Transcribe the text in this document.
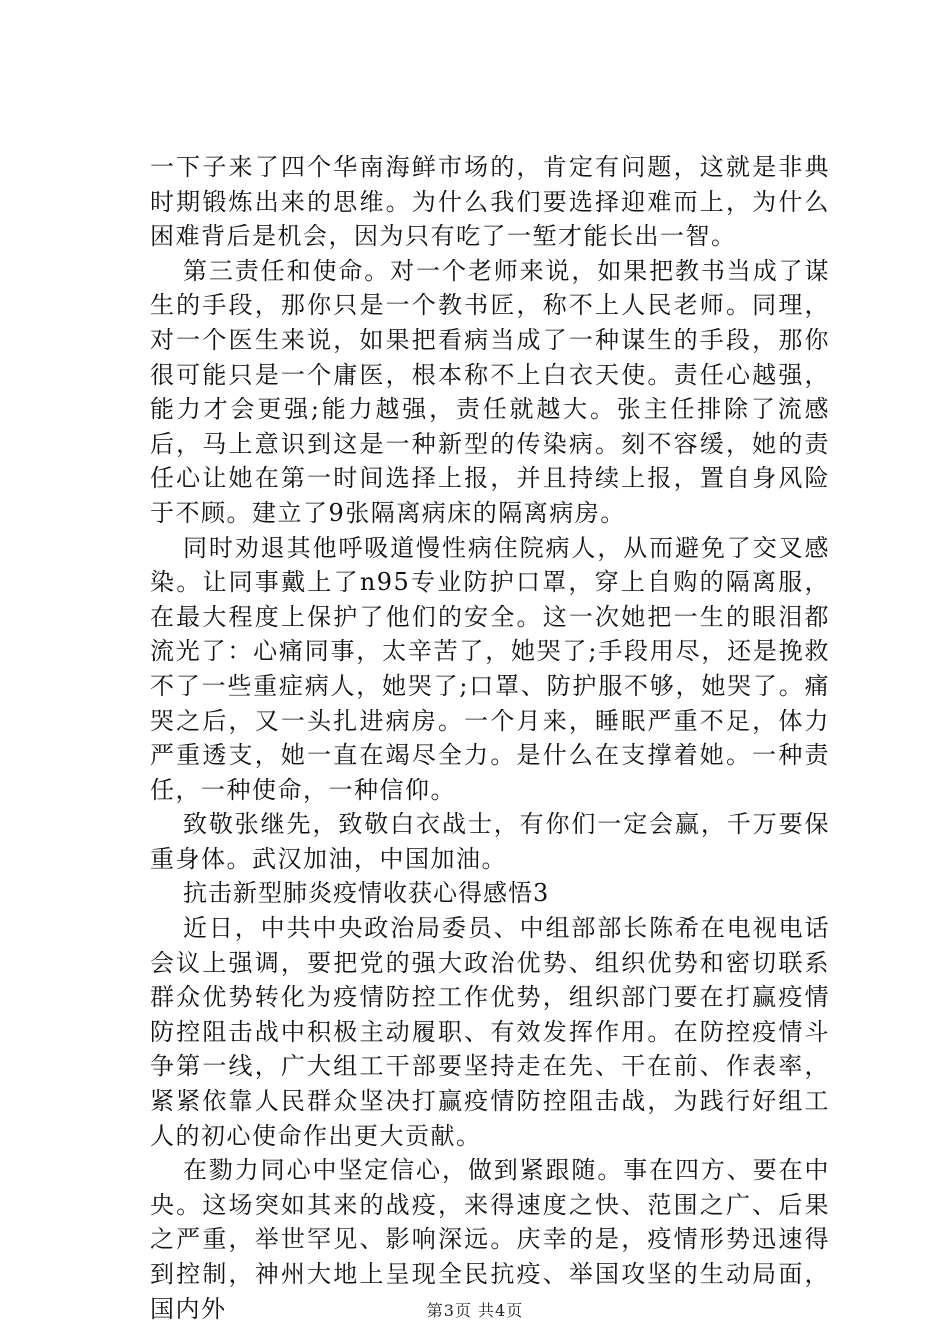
一下子来了四个华南海鲜市场的，肯定有问题，这就是非典时期锻炼出来的思维。为什么我们要选择迎难而上，为什么困难背后是机会，因为只有吃了一堑才能长出一智。

第三责任和使命。对一个老师来说，如果把教书当成了谋生的手段，那你只是一个教书匠，称不上人民老师。同理，对一个医生来说，如果把看病当成了一种谋生的手段，那你很可能只是一个庸医，根本称不上白衣天使。责任心越强，能力才会更强;能力越强，责任就越大。张主任排除了流感后，马上意识到这是一种新型的传染病。刻不容缓，她的责任心让她在第一时间选择上报，并且持续上报，置自身风险于不顾。建立了9张隔离病床的隔离病房。

同时劝退其他呼吸道慢性病住院病人，从而避免了交叉感染。让同事戴上了n95专业防护口罩，穿上自购的隔离服，在最大程度上保护了他们的安全。这一次她把一生的眼泪都流光了：心痛同事，太辛苦了，她哭了;手段用尽，还是挽救不了一些重症病人，她哭了;口罩、防护服不够，她哭了。痛哭之后，又一头扎进病房。一个月来，睡眠严重不足，体力严重透支，她一直在竭尽全力。是什么在支撑着她。一种责任，一种使命，一种信仰。

致敬张继先，致敬白衣战士，有你们一定会赢，千万要保重身体。武汉加油，中国加油。

抗击新型肺炎疫情收获心得感悟3

近日，中共中央政治局委员、中组部部长陈希在电视电话会议上强调，要把党的强大政治优势、组织优势和密切联系群众优势转化为疫情防控工作优势，组织部门要在打赢疫情防控阻击战中积极主动履职、有效发挥作用。在防控疫情斗争第一线，广大组工干部要坚持走在先、干在前、作表率，紧紧依靠人民群众坚决打赢疫情防控阻击战，为践行好组工人的初心使命作出更大贡献。

在勠力同心中坚定信心，做到紧跟随。事在四方、要在中央。这场突如其来的战疫，来得速度之快、范围之广、后果之严重，举世罕见、影响深远。庆幸的是，疫情形势迅速得到控制，神州大地上呈现全民抗疫、举国攻坚的生动局面，国内外	第3页 共4页
